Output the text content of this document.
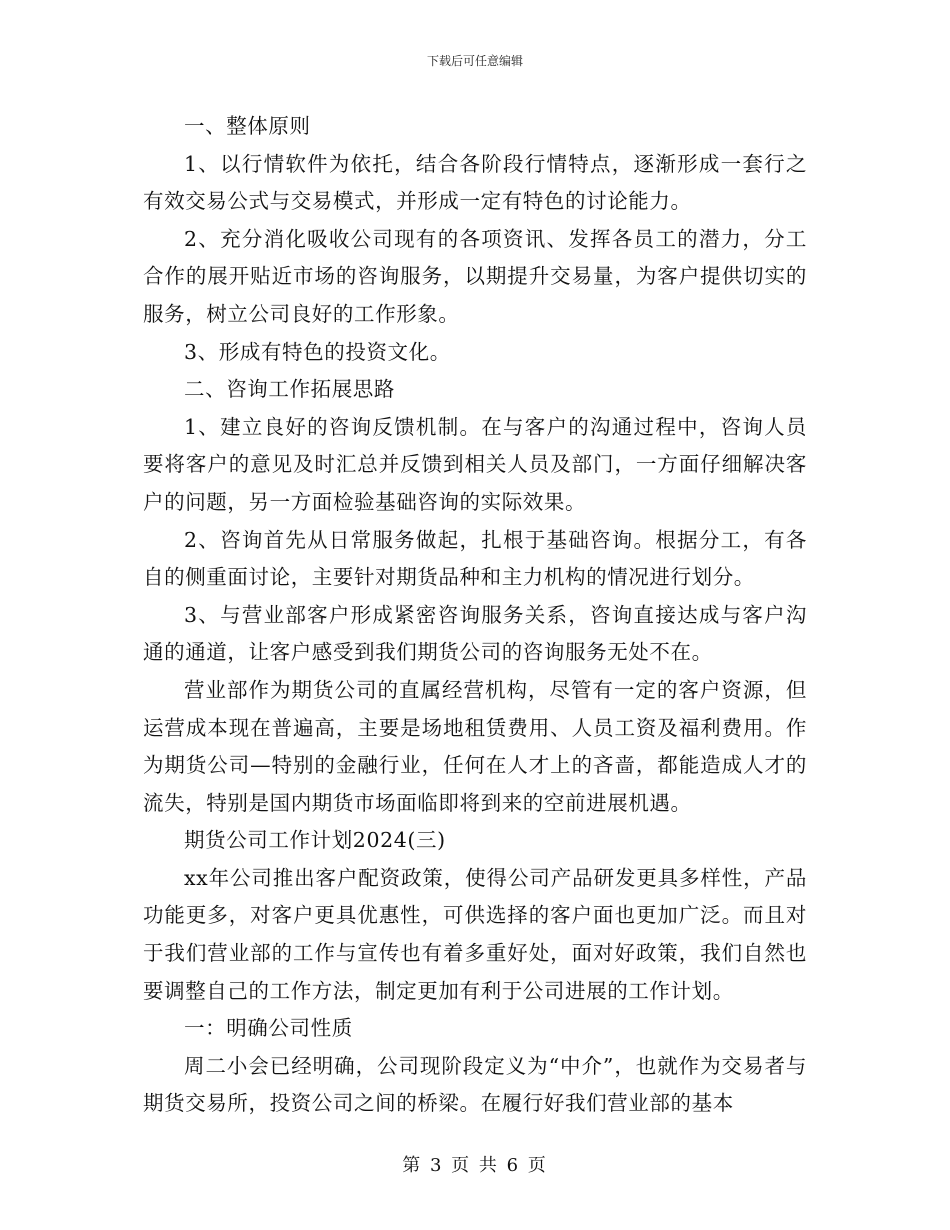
下载后可任意编辑

一、整体原则

1、以行情软件为依托，结合各阶段行情特点，逐渐形成一套行之有效交易公式与交易模式，并形成一定有特色的讨论能力。

2、充分消化吸收公司现有的各项资讯、发挥各员工的潜力，分工合作的展开贴近市场的咨询服务，以期提升交易量，为客户提供切实的服务，树立公司良好的工作形象。

3、形成有特色的投资文化。

二、咨询工作拓展思路

1、建立良好的咨询反馈机制。在与客户的沟通过程中，咨询人员要将客户的意见及时汇总并反馈到相关人员及部门，一方面仔细解决客户的问题，另一方面检验基础咨询的实际效果。

2、咨询首先从日常服务做起，扎根于基础咨询。根据分工，有各自的侧重面讨论，主要针对期货品种和主力机构的情况进行划分。

3、与营业部客户形成紧密咨询服务关系，咨询直接达成与客户沟通的通道，让客户感受到我们期货公司的咨询服务无处不在。

营业部作为期货公司的直属经营机构，尽管有一定的客户资源，但运营成本现在普遍高，主要是场地租赁费用、人员工资及福利费用。作为期货公司—特别的金融行业，任何在人才上的吝啬，都能造成人才的流失，特别是国内期货市场面临即将到来的空前进展机遇。

期货公司工作计划2024(三)

xx年公司推出客户配资政策，使得公司产品研发更具多样性，产品功能更多，对客户更具优惠性，可供选择的客户面也更加广泛。而且对于我们营业部的工作与宣传也有着多重好处，面对好政策，我们自然也要调整自己的工作方法，制定更加有利于公司进展的工作计划。

一：明确公司性质

周二小会已经明确，公司现阶段定义为“中介”，也就作为交易者与期货交易所，投资公司之间的桥梁。在履行好我们营业部的基本

第 3 页 共 6 页
